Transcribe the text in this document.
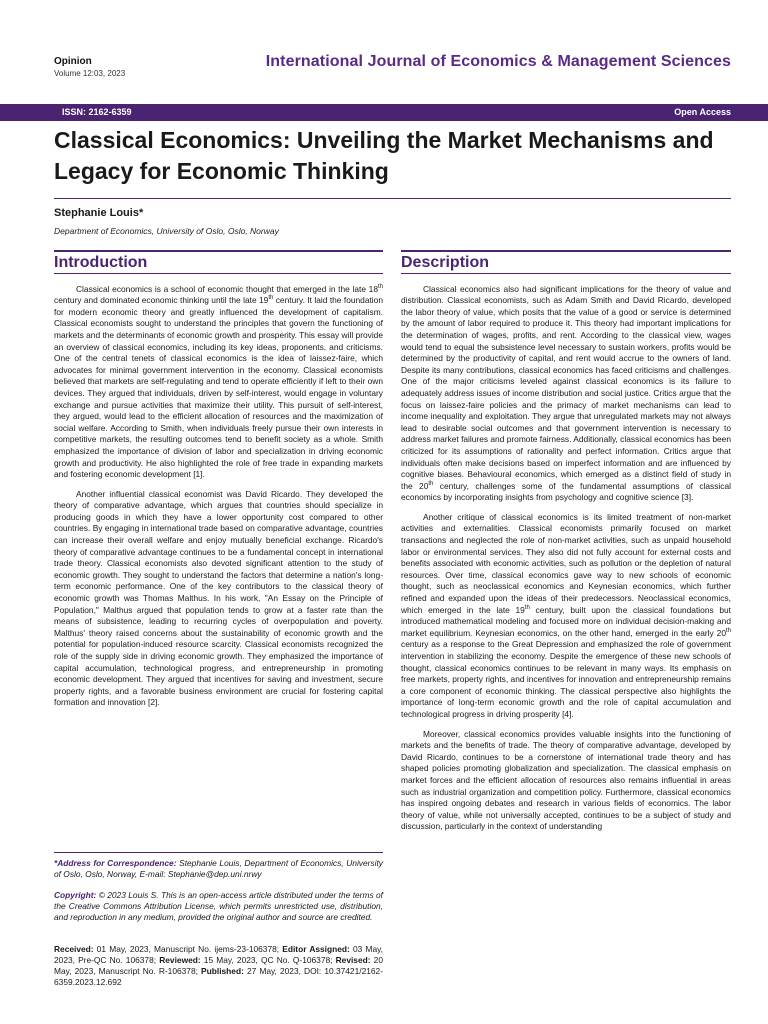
Opinion
Volume 12:03, 2023
International Journal of Economics & Management Sciences
ISSN: 2162-6359	Open Access
Classical Economics: Unveiling the Market Mechanisms and Legacy for Economic Thinking
Stephanie Louis*
Department of Economics, University of Oslo, Oslo, Norway
Introduction

Classical economics is a school of economic thought that emerged in the late 18th century and dominated economic thinking until the late 19th century. It laid the foundation for modern economic theory and greatly influenced the development of capitalism. Classical economists sought to understand the principles that govern the functioning of markets and the determinants of economic growth and prosperity. This essay will provide an overview of classical economics, including its key ideas, proponents, and criticisms. One of the central tenets of classical economics is the idea of laissez-faire, which advocates for minimal government intervention in the economy. Classical economists believed that markets are self-regulating and tend to operate efficiently if left to their own devices. They argued that individuals, driven by self-interest, would engage in voluntary exchange and pursue activities that maximize their utility. This pursuit of self-interest, they argued, would lead to the efficient allocation of resources and the maximization of social welfare. According to Smith, when individuals freely pursue their own interests in competitive markets, the resulting outcomes tend to benefit society as a whole. Smith emphasized the importance of division of labor and specialization in driving economic growth and productivity. He also highlighted the role of free trade in expanding markets and fostering economic development [1].

Another influential classical economist was David Ricardo. They developed the theory of comparative advantage, which argues that countries should specialize in producing goods in which they have a lower opportunity cost compared to other countries. By engaging in international trade based on comparative advantage, countries can increase their overall welfare and enjoy mutually beneficial exchange. Ricardo's theory of comparative advantage continues to be a fundamental concept in international trade theory. Classical economists also devoted significant attention to the study of economic growth. They sought to understand the factors that determine a nation's long-term economic performance. One of the key contributors to the classical theory of economic growth was Thomas Malthus. In his work, "An Essay on the Principle of Population," Malthus argued that population tends to grow at a faster rate than the means of subsistence, leading to recurring cycles of overpopulation and poverty. Malthus' theory raised concerns about the sustainability of economic growth and the potential for population-induced resource scarcity. Classical economists recognized the role of the supply side in driving economic growth. They emphasized the importance of capital accumulation, technological progress, and entrepreneurship in promoting economic development. They argued that incentives for saving and investment, secure property rights, and a favorable business environment are crucial for fostering capital formation and innovation [2].

Description

Classical economics also had significant implications for the theory of value and distribution. Classical economists, such as Adam Smith and David Ricardo, developed the labor theory of value, which posits that the value of a good or service is determined by the amount of labor required to produce it. This theory had important implications for the determination of wages, profits, and rent. According to the classical view, wages would tend to equal the subsistence level necessary to sustain workers, profits would be determined by the productivity of capital, and rent would accrue to the owners of land. Despite its many contributions, classical economics has faced criticisms and challenges. One of the major criticisms leveled against classical economics is its failure to adequately address issues of income distribution and social justice. Critics argue that the focus on laissez-faire policies and the primacy of market mechanisms can lead to income inequality and exploitation. They argue that unregulated markets may not always lead to desirable social outcomes and that government intervention is necessary to address market failures and promote fairness. Additionally, classical economics has been criticized for its assumptions of rationality and perfect information. Critics argue that individuals often make decisions based on imperfect information and are influenced by cognitive biases. Behavioural economics, which emerged as a distinct field of study in the 20th century, challenges some of the fundamental assumptions of classical economics by incorporating insights from psychology and cognitive science [3].

Another critique of classical economics is its limited treatment of non-market activities and externalities. Classical economists primarily focused on market transactions and neglected the role of non-market activities, such as unpaid household labor or environmental services. They also did not fully account for external costs and benefits associated with economic activities, such as pollution or the depletion of natural resources. Over time, classical economics gave way to new schools of economic thought, such as neoclassical economics and Keynesian economics, which further refined and expanded upon the ideas of their predecessors. Neoclassical economics, which emerged in the late 19th century, built upon the classical foundations but introduced mathematical modeling and focused more on individual decision-making and market equilibrium. Keynesian economics, on the other hand, emerged in the early 20th century as a response to the Great Depression and emphasized the role of government intervention in stabilizing the economy. Despite the emergence of these new schools of thought, classical economics continues to be relevant in many ways. Its emphasis on free markets, property rights, and incentives for innovation and entrepreneurship remains a core component of economic thinking. The classical perspective also highlights the importance of long-term economic growth and the role of capital accumulation and technological progress in driving prosperity [4].

Moreover, classical economics provides valuable insights into the functioning of markets and the benefits of trade. The theory of comparative advantage, developed by David Ricardo, continues to be a cornerstone of international trade theory and has shaped policies promoting globalization and specialization. The classical emphasis on market forces and the efficient allocation of resources also remains influential in areas such as industrial organization and competition policy. Furthermore, classical economics has inspired ongoing debates and research in various fields of economics. The labor theory of value, while not universally accepted, continues to be a subject of study and discussion, particularly in the context of understanding

*Address for Correspondence: Stephanie Louis, Department of Economics, University of Oslo, Oslo, Norway, E-mail: Stephanie@dep.uni.nrwy
Copyright: © 2023 Louis S. This is an open-access article distributed under the terms of the Creative Commons Attribution License, which permits unrestricted use, distribution, and reproduction in any medium, provided the original author and source are credited.
Received: 01 May, 2023, Manuscript No. ijems-23-106378; Editor Assigned: 03 May, 2023, Pre-QC No. 106378; Reviewed: 15 May, 2023, QC No. Q-106378; Revised: 20 May, 2023, Manuscript No. R-106378; Published: 27 May, 2023, DOI: 10.37421/2162-6359.2023.12.692
